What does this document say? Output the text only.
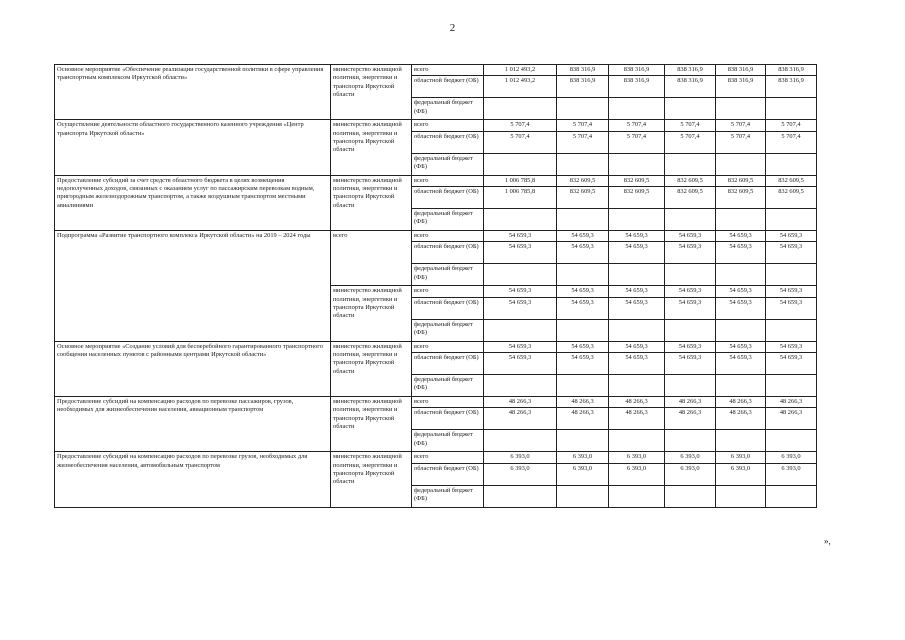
2
Основное мероприятие «Обеспечение реализации государственной политики в сфере управления транспортным комплексом Иркутской области»	министерство жилищной политики, энергетики и транспорта Иркутской области	всего	1 012 493,2	838 316,9	838 316,9	838 316,9	838 316,9	838 316,9
		областной бюджет (ОБ)	1 012 493,2	838 316,9	838 316,9	838 316,9	838 316,9	838 316,9
		федеральный бюджет (ФБ)						
Осуществление деятельности областного государственного казенного учреждения «Центр транспорта Иркутской области»	министерство жилищной политики, энергетики и транспорта Иркутской области	всего	5 707,4	5 707,4	5 707,4	5 707,4	5 707,4	5 707,4
		областной бюджет (ОБ)	5 707,4	5 707,4	5 707,4	5 707,4	5 707,4	5 707,4
		федеральный бюджет (ФБ)						
Предоставление субсидий за счет средств областного бюджета в целях возмещения недополученных доходов, связанных с оказанием услуг по пассажирским перевозкам водным, пригородным железнодорожным транспортом, а также воздушным транспортом местными авиалиниями	министерство жилищной политики, энергетики и транспорта Иркутской области	всего	1 006 785,8	832 609,5	832 609,5	832 609,5	832 609,5	832 609,5
		областной бюджет (ОБ)	1 006 785,8	832 609,5	832 609,5	832 609,5	832 609,5	832 609,5
		федеральный бюджет (ФБ)						
Подпрограмма «Развитие транспортного комплекса Иркутской области» на 2019 – 2024 годы	всего	всего	54 659,3	54 659,3	54 659,3	54 659,3	54 659,3	54 659,3
		областной бюджет (ОБ)	54 659,3	54 659,3	54 659,3	54 659,3	54 659,3	54 659,3
		федеральный бюджет (ФБ)						
	министерство жилищной политики, энергетики и транспорта Иркутской области	всего	54 659,3	54 659,3	54 659,3	54 659,3	54 659,3	54 659,3
		областной бюджет (ОБ)	54 659,3	54 659,3	54 659,3	54 659,3	54 659,3	54 659,3
		федеральный бюджет (ФБ)						
Основное мероприятие «Создание условий для бесперебойного гарантированного транспортного сообщения населенных пунктов с районными центрами Иркутской области»	министерство жилищной политики, энергетики и транспорта Иркутской области	всего	54 659,3	54 659,3	54 659,3	54 659,3	54 659,3	54 659,3
		областной бюджет (ОБ)	54 659,3	54 659,3	54 659,3	54 659,3	54 659,3	54 659,3
		федеральный бюджет (ФБ)						
Предоставление субсидий на компенсацию расходов по перевозке пассажиров, грузов, необходимых для жизнеобеспечения населения, авиационным транспортом	министерство жилищной политики, энергетики и транспорта Иркутской области	всего	48 266,3	48 266,3	48 266,3	48 266,3	48 266,3	48 266,3
		областной бюджет (ОБ)	48 266,3	48 266,3	48 266,3	48 266,3	48 266,3	48 266,3
		федеральный бюджет (ФБ)						
Предоставление субсидий на компенсацию расходов по перевозке грузов, необходимых для жизнеобеспечения населения, автомобильным транспортом	министерство жилищной политики, энергетики и транспорта Иркутской области	всего	6 393,0	6 393,0	6 393,0	6 393,0	6 393,0	6 393,0
		областной бюджет (ОБ)	6 393,0	6 393,0	6 393,0	6 393,0	6 393,0	6 393,0
		федеральный бюджет (ФБ)						
»,
